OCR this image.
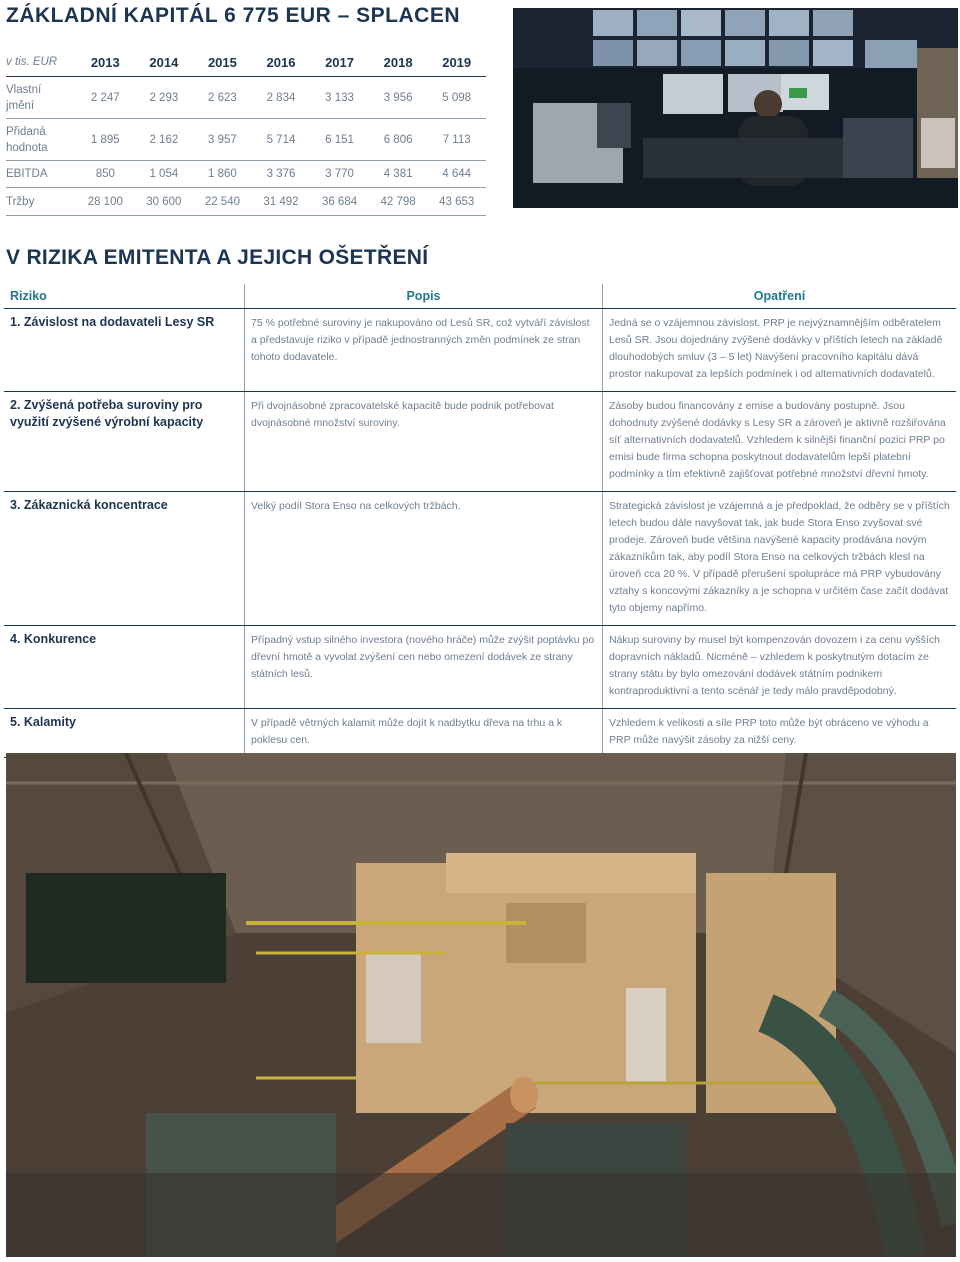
ZÁKLADNÍ KAPITÁL 6 775 EUR – SPLACEN
v tis. EUR	2013	2014	2015	2016	2017	2018	2019
Vlastní jmění	2 247	2 293	2 623	2 834	3 133	3 956	5 098
Přidaná hodnota	1 895	2 162	3 957	5 714	6 151	6 806	7 113
EBITDA	850	1 054	1 860	3 376	3 770	4 381	4 644
Tržby	28 100	30 600	22 540	31 492	36 684	42 798	43 653
V RIZIKA EMITENTA A JEJICH OŠETŘENÍ
Riziko	Popis	Opatření
1. Závislost na dodavateli Lesy SR	75 % potřebné suroviny je nakupováno od Lesů SR, což vytváří závislost a představuje riziko v případě jednostranných změn podmínek ze stran tohoto dodavatele.	Jedná se o vzájemnou závislost. PRP je nejvýznamnějším odběratelem Lesů SR. Jsou dojednány zvýšené dodávky v příštích letech na základě dlouhodobých smluv (3 – 5 let) Navýšení pracovního kapitálu dává prostor nakupovat za lepších podmínek i od alternativních dodavatelů.
2. Zvýšená potřeba suroviny pro využití zvýšené výrobní kapacity	Při dvojnásobné zpracovatelské kapacitě bude podnik potřebovat dvojnásobné množství suroviny.	Zásoby budou financovány z emise a budovány postupně. Jsou dohodnuty zvýšené dodávky s Lesy SR a zároveň je aktivně rozšiřována síť alternativních dodavatelů. Vzhledem k silnější finanční pozici PRP po emisi bude firma schopna poskytnout dodavatelům lepší platební podmínky a tím efektivně zajišťovat potřebné množství dřevní hmoty.
3. Zákaznická koncentrace	Velký podíl Stora Enso na celkových tržbách.	Strategická závislost je vzájemná a je předpoklad, že odběry se v příštích letech budou dále navyšovat tak, jak bude Stora Enso zvyšovat své prodeje. Zároveň bude většina navýšené kapacity prodávána novým zákazníkům tak, aby podíl Stora Enso na celkových tržbách klesl na úroveň cca 20 %. V případě přerušení spolupráce má PRP vybudovány vztahy s koncovými zákazníky a je schopna v určitém čase začít dodávat tyto objemy napřímo.
4. Konkurence	Případný vstup silného investora (nového hráče) může zvýšit poptávku po dřevní hmotě a vyvolat zvýšení cen nebo omezení dodávek ze strany státních lesů.	Nákup suroviny by musel být kompenzován dovozem i za cenu vyšších dopravních nákladů. Nicméně – vzhledem k poskytnutým dotacím ze strany státu by bylo omezování dodávek státním podnikem kontraproduktivní a tento scénář je tedy málo pravděpodobný.
5. Kalamity	V případě větrných kalamit může dojít k nadbytku dřeva na trhu a k poklesu cen.	Vzhledem k velikosti a síle PRP toto může být obráceno ve výhodu a PRP může navýšit zásoby za nižší ceny.
